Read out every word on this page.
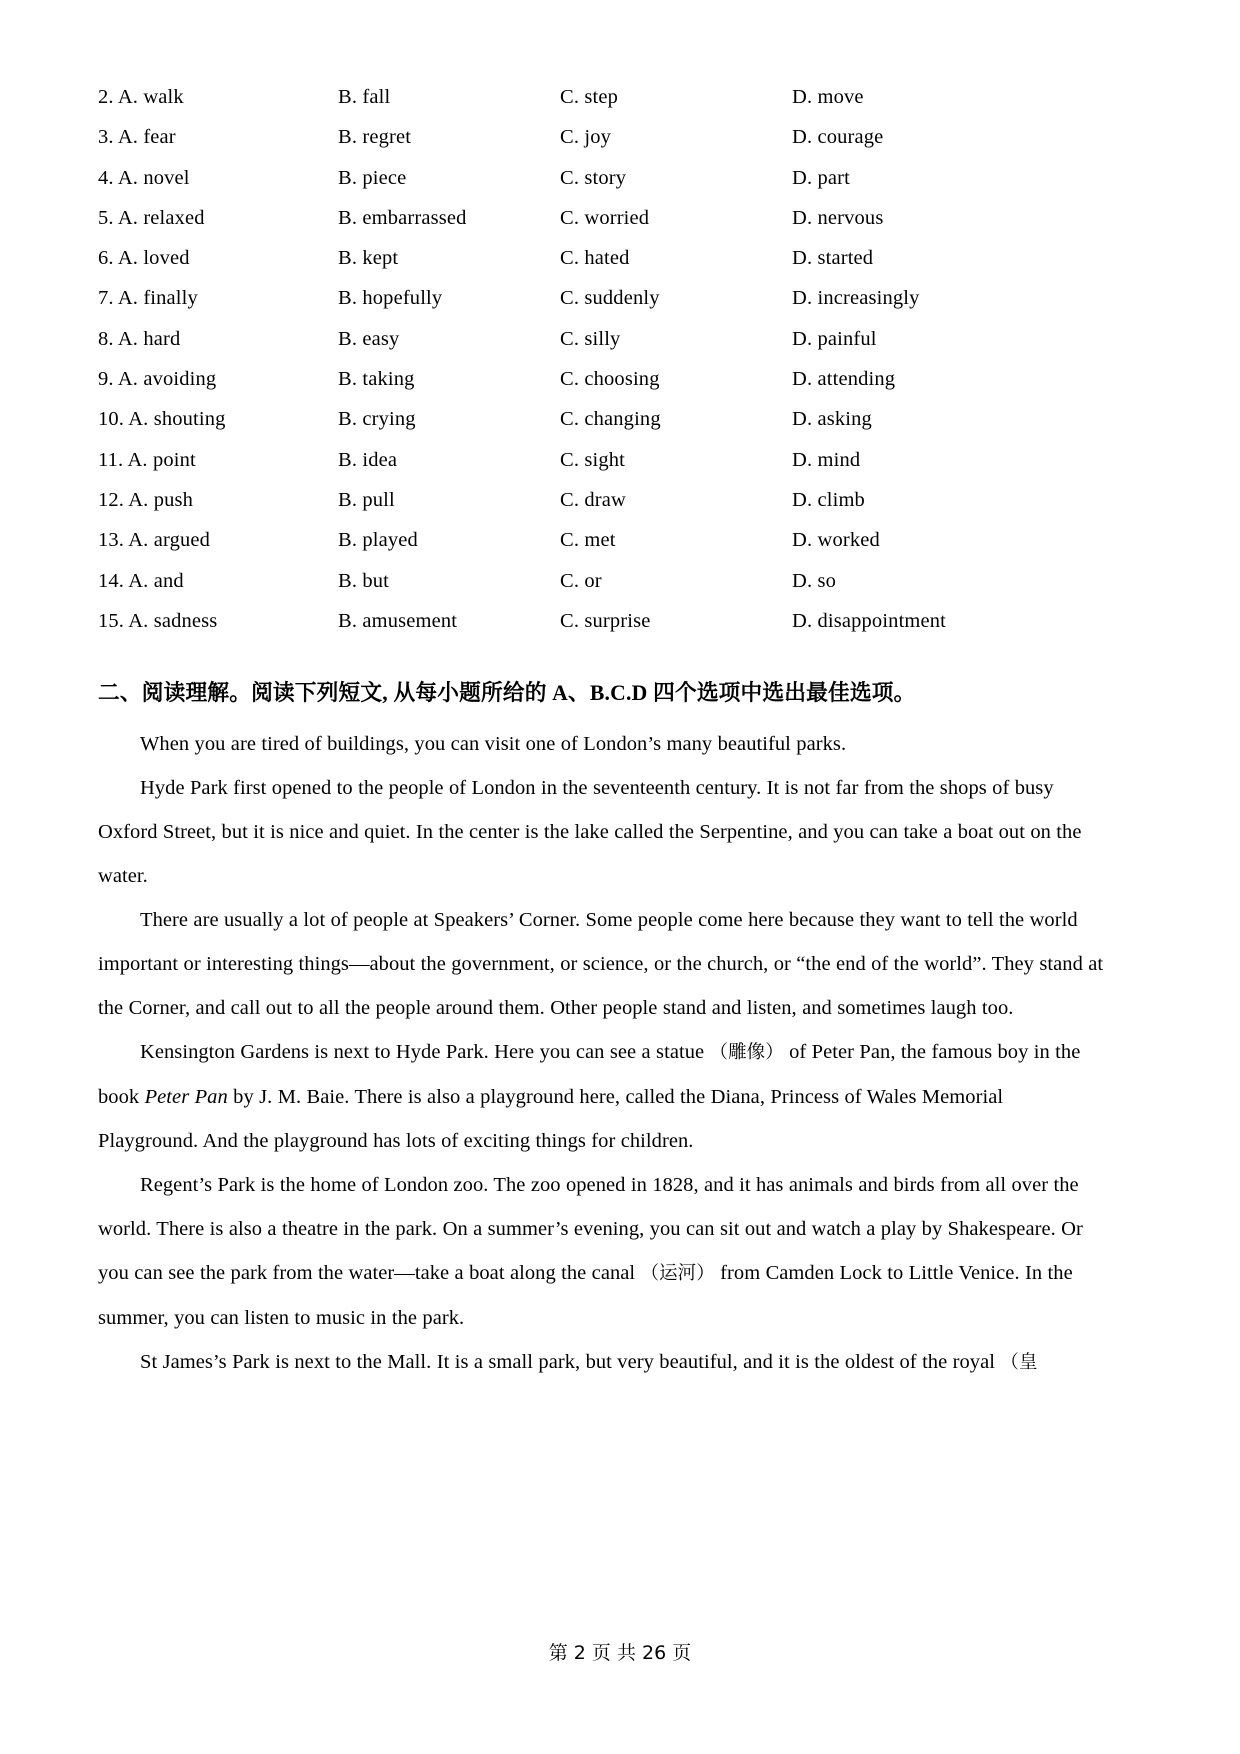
2. A. walk	B. fall	C. step	D. move
3. A. fear	B. regret	C. joy	D. courage
4. A. novel	B. piece	C. story	D. part
5. A. relaxed	B. embarrassed	C. worried	D. nervous
6. A. loved	B. kept	C. hated	D. started
7. A. finally	B. hopefully	C. suddenly	D. increasingly
8. A. hard	B. easy	C. silly	D. painful
9. A. avoiding	B. taking	C. choosing	D. attending
10. A. shouting	B. crying	C. changing	D. asking
11. A. point	B. idea	C. sight	D. mind
12. A. push	B. pull	C. draw	D. climb
13. A. argued	B. played	C. met	D. worked
14. A. and	B. but	C. or	D. so
15. A. sadness	B. amusement	C. surprise	D. disappointment
二、阅读理解。阅读下列短文, 从每小题所给的 A、B.C.D 四个选项中选出最佳选项。

When you are tired of buildings, you can visit one of London’s many beautiful parks.

Hyde Park first opened to the people of London in the seventeenth century. It is not far from the shops of busy Oxford Street, but it is nice and quiet. In the center is the lake called the Serpentine, and you can take a boat out on the water.

There are usually a lot of people at Speakers’ Corner. Some people come here because they want to tell the world important or interesting things—about the government, or science, or the church, or “the end of the world”. They stand at the Corner, and call out to all the people around them. Other people stand and listen, and sometimes laugh too.

Kensington Gardens is next to Hyde Park. Here you can see a statue （雕像） of Peter Pan, the famous boy in the book Peter Pan by J. M. Baie. There is also a playground here, called the Diana, Princess of Wales Memorial Playground. And the playground has lots of exciting things for children.

Regent’s Park is the home of London zoo. The zoo opened in 1828, and it has animals and birds from all over the world. There is also a theatre in the park. On a summer’s evening, you can sit out and watch a play by Shakespeare. Or you can see the park from the water—take a boat along the canal （运河） from Camden Lock to Little Venice. In the summer, you can listen to music in the park.

St James’s Park is next to the Mall. It is a small park, but very beautiful, and it is the oldest of the royal （皇

第 2 页 共 26 页
